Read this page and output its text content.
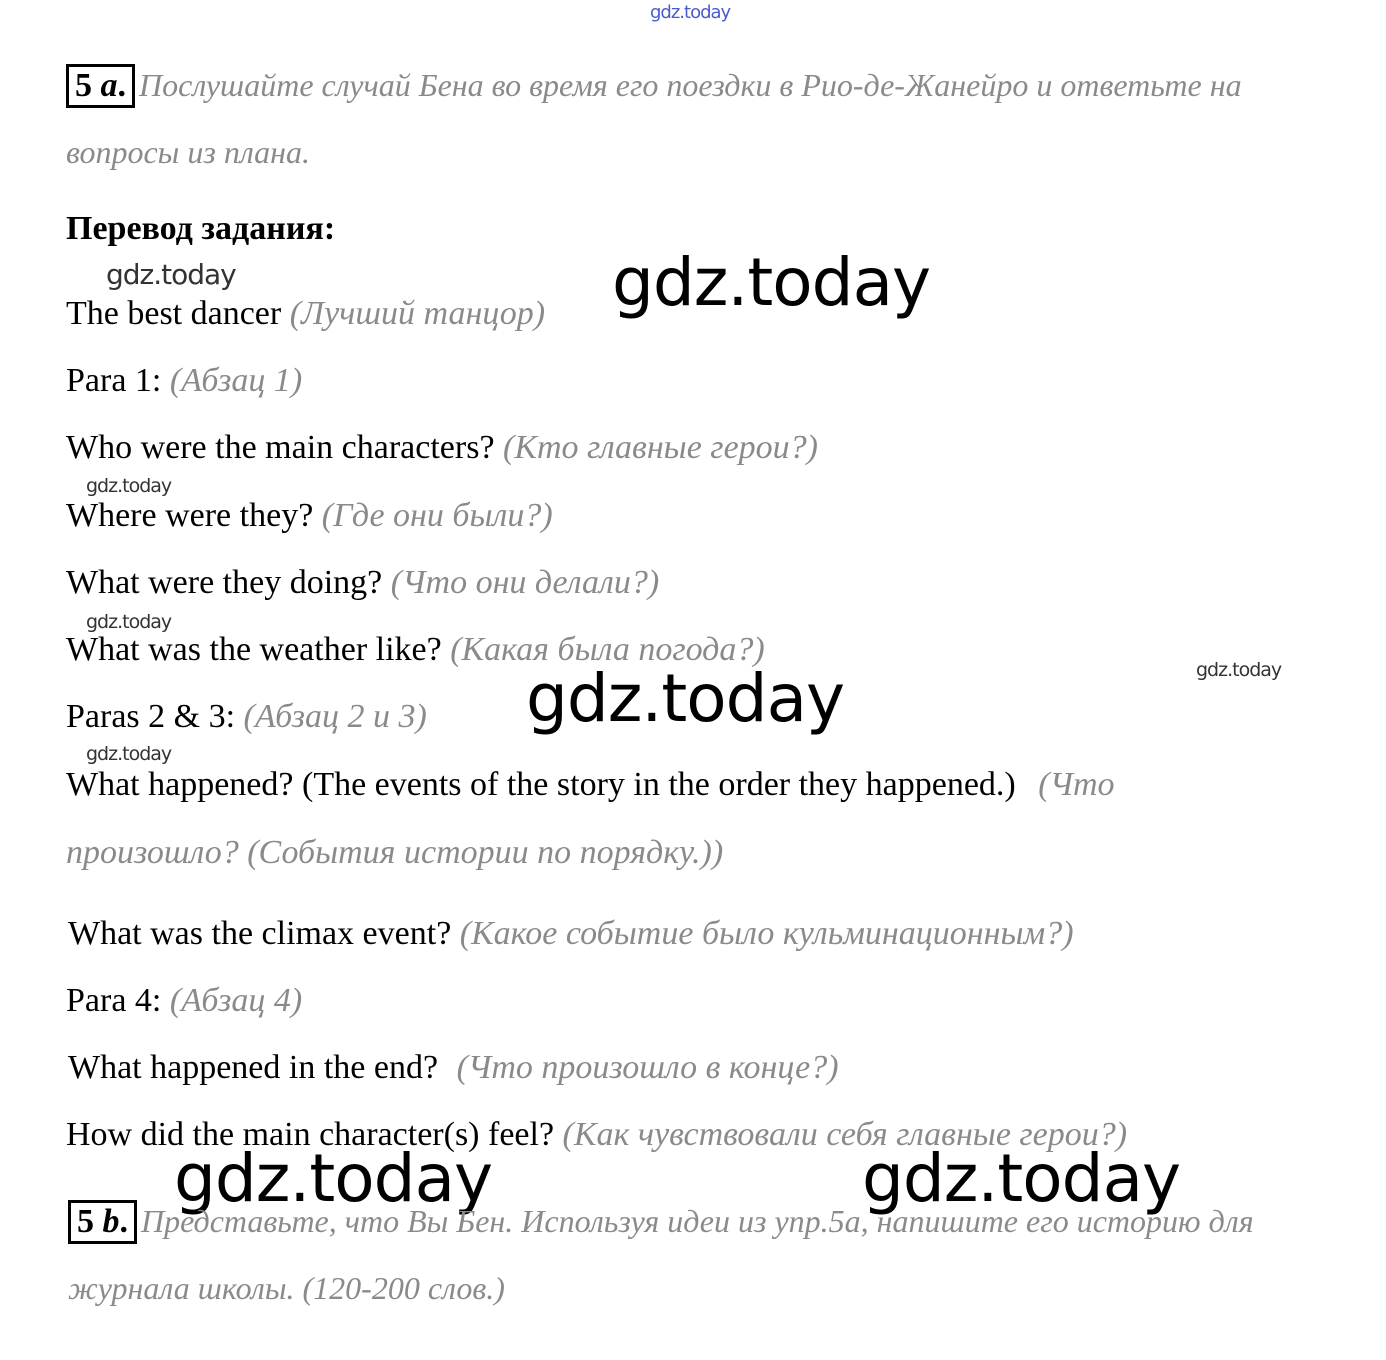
gdz.today
gdz.today	gdz.today
gdz.today
gdz.today
gdz.today
gdz.today
gdz.today
gdz.today	gdz.today
5 a. Послушайте случай Бена во время его поездки в Рио-де-Жанейро и ответьте на
вопросы из плана.
Перевод задания:
The best dancer (Лучший танцор)
Para 1: (Абзац 1)
Who were the main characters? (Кто главные герои?)
Where were they? (Где они были?)
What were they doing? (Что они делали?)
What was the weather like? (Какая была погода?)
Paras 2 & 3: (Абзац 2 и 3)
What happened? (The events of the story in the order they happened.) (Что
произошло? (События истории по порядку.))
What was the climax event? (Какое событие было кульминационным?)
Para 4: (Абзац 4)
What happened in the end? (Что произошло в конце?)
How did the main character(s) feel? (Как чувствовали себя главные герои?)
5 b. Представьте, что Вы Бен. Используя идеи из упр.5а, напишите его историю для
журнала школы. (120-200 слов.)
